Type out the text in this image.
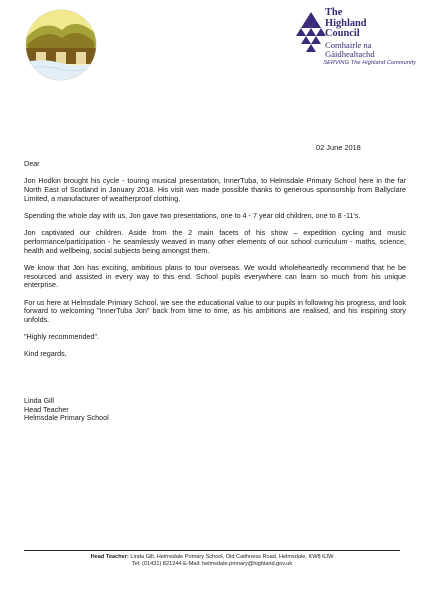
The
Highland
Council
Comhairle na
Gàidhealtachd
SERVING The Highland Community
02 June 2018

Dear

Jon Hodkin brought his cycle - touring musical presentation, InnerTuba, to Helmsdale Primary School here in the far North East of Scotland in January 2018. His visit was made possible thanks to generous sponsorship from Ballyclare Limited, a manufacturer of weatherproof clothing.

Spending the whole day with us, Jon gave two presentations, one to 4 - 7 year old children, one to 8 -11's.

Jon captivated our children. Aside from the 2 main facets of his show – expedition cycling and music performance/participation - he seamlessly weaved in many other elements of our school curriculum - maths, science, health and wellbeing, social subjects being amongst them.

We know that Jon has exciting, ambitious plans to tour overseas. We would wholeheartedly recommend that he be resourced and assisted in every way to this end. School pupils everywhere can learn so much from his unique enterprise.

For us here at Helmsdale Primary School, we see the educational value to our pupils in following his progress, and look forward to welcoming "InnerTuba Jon" back from time to time, as his ambitions are realised, and his inspiring story unfolds.

"Highly recommended".

Kind regards,

Linda Gill
Head Teacher
Helmsdale Primary School
Head Teacher: Linda Gill, Helmsdale Primary School, Old Caithness Road, Helmsdale, KW8 6JW
Tel: (01431) 821244 E-Mail: helmsdale.primary@highland.gov.uk
